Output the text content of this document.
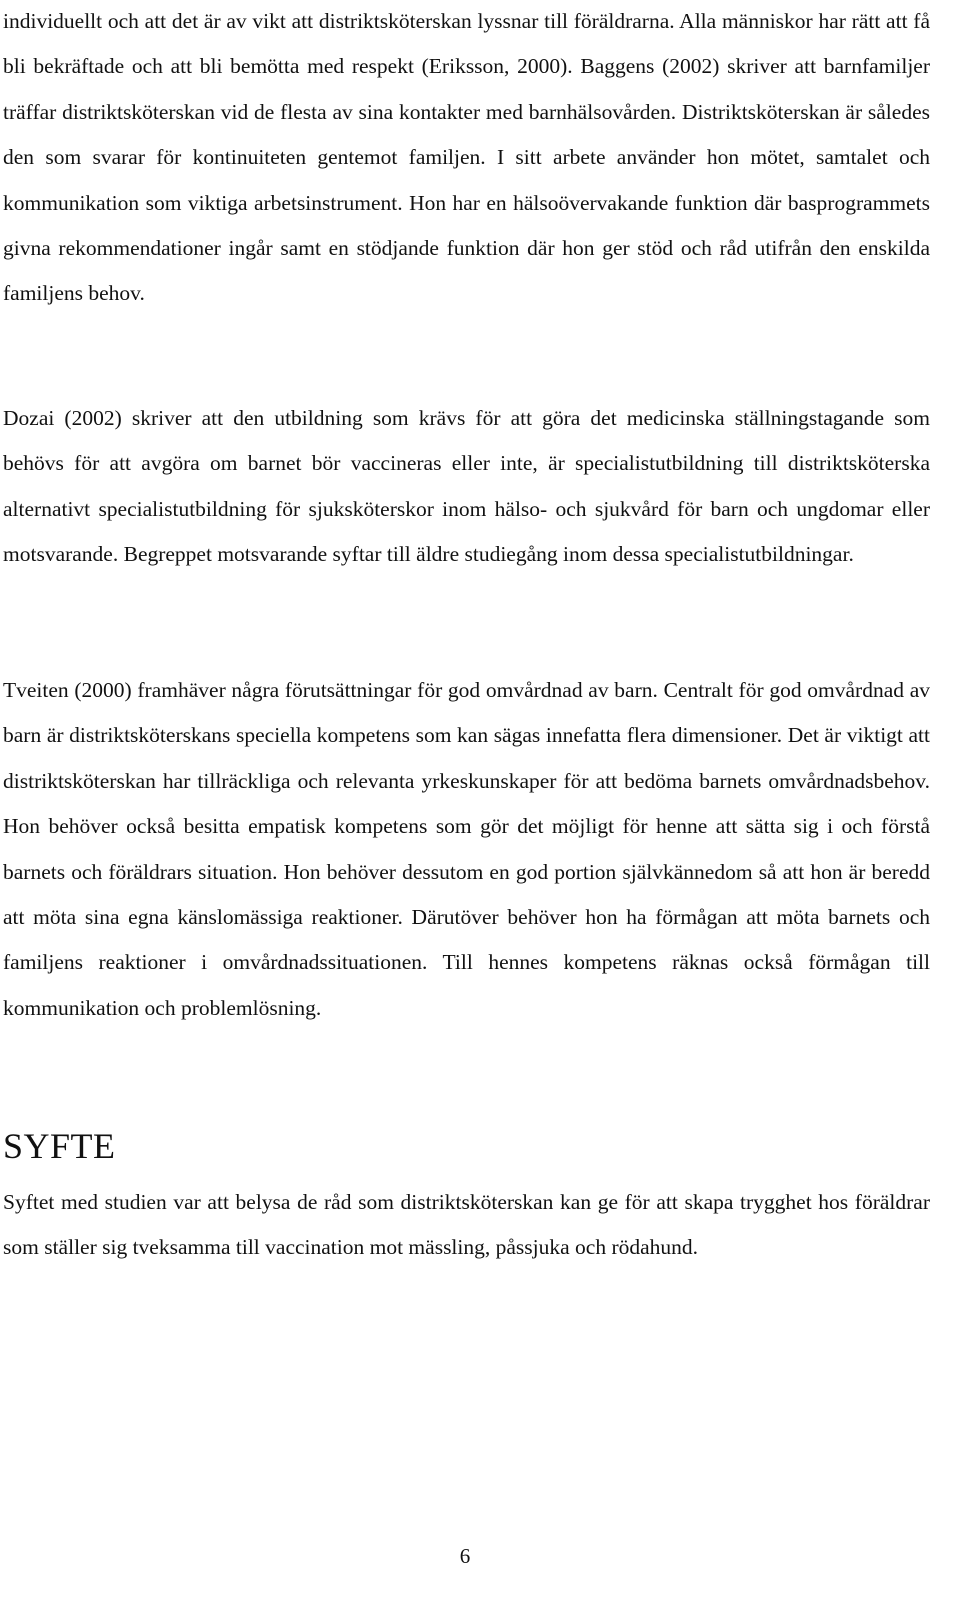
individuellt och att det är av vikt att distriktsköterskan lyssnar till föräldrarna. Alla människor har rätt att få bli bekräftade och att bli bemötta med respekt (Eriksson, 2000). Baggens (2002) skriver att barnfamiljer träffar distriktsköterskan vid de flesta av sina kontakter med barnhälsovården. Distriktsköterskan är således den som svarar för kontinuiteten gentemot familjen. I sitt arbete använder hon mötet, samtalet och kommunikation som viktiga arbetsinstrument. Hon har en hälsoövervakande funktion där basprogrammets givna rekommendationer ingår samt en stödjande funktion där hon ger stöd och råd utifrån den enskilda familjens behov.

Dozai (2002) skriver att den utbildning som krävs för att göra det medicinska ställningstagande som behövs för att avgöra om barnet bör vaccineras eller inte, är specialistutbildning till distriktsköterska alternativt specialistutbildning för sjuksköterskor inom hälso- och sjukvård för barn och ungdomar eller motsvarande. Begreppet motsvarande syftar till äldre studiegång inom dessa specialistutbildningar.

Tveiten (2000) framhäver några förutsättningar för god omvårdnad av barn. Centralt för god omvårdnad av barn är distriktsköterskans speciella kompetens som kan sägas innefatta flera dimensioner. Det är viktigt att distriktsköterskan har tillräckliga och relevanta yrkeskunskaper för att bedöma barnets omvårdnadsbehov. Hon behöver också besitta empatisk kompetens som gör det möjligt för henne att sätta sig i och förstå barnets och föräldrars situation. Hon behöver dessutom en god portion självkännedom så att hon är beredd att möta sina egna känslomässiga reaktioner. Därutöver behöver hon ha förmågan att möta barnets och familjens reaktioner i omvårdnadssituationen. Till hennes kompetens räknas också förmågan till kommunikation och problemlösning.

SYFTE

Syftet med studien var att belysa de råd som distriktsköterskan kan ge för att skapa trygghet hos föräldrar som ställer sig tveksamma till vaccination mot mässling, påssjuka och rödahund.

6
